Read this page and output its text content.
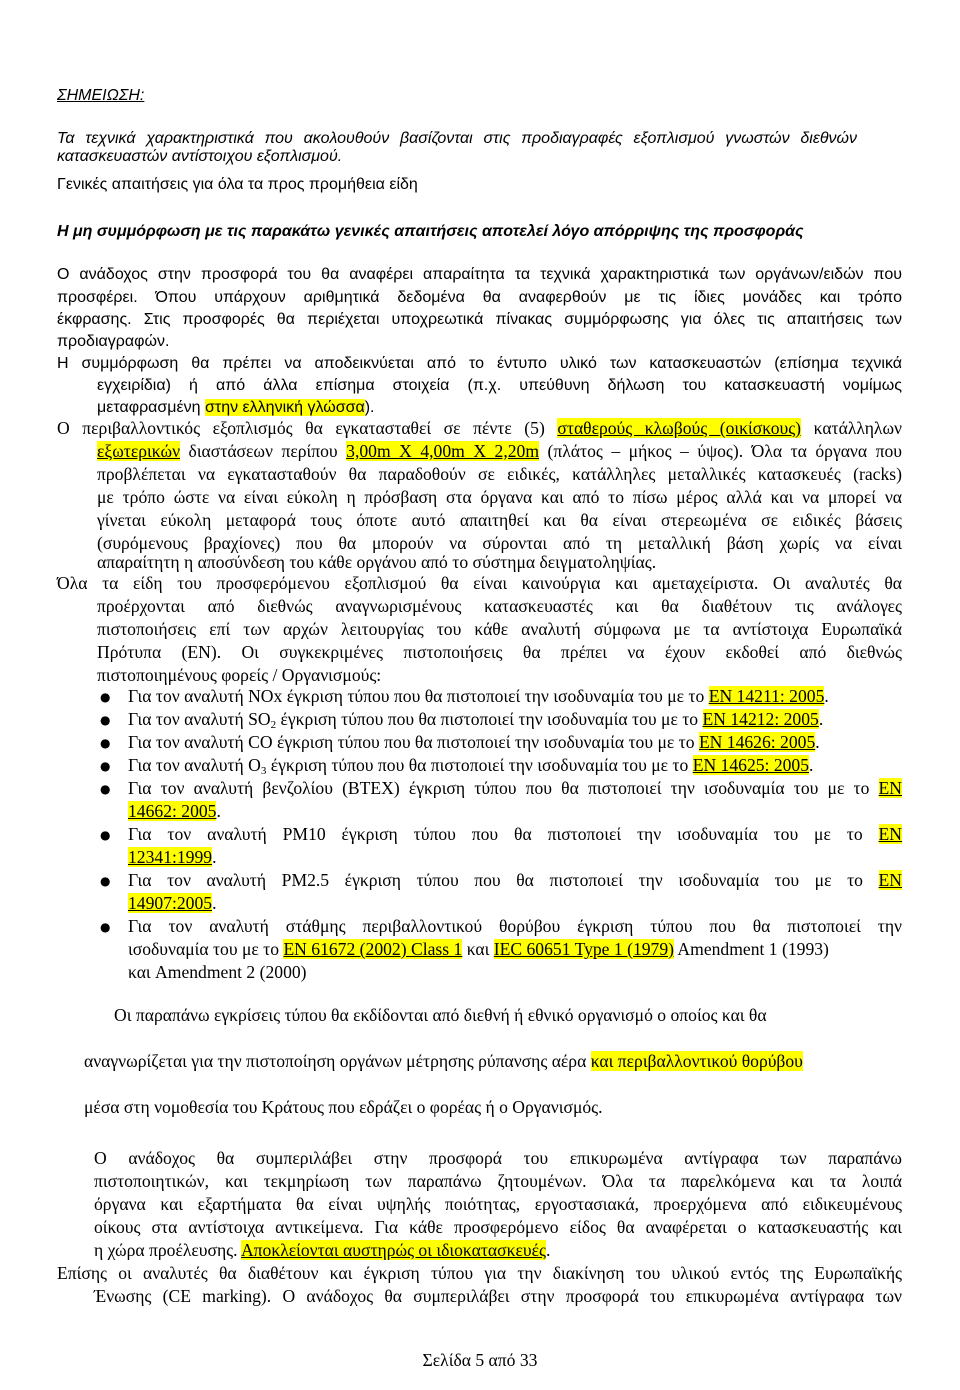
ΣΗΜΕΙΩΣΗ:
Τα τεχνικά χαρακτηριστικά που ακολουθούν βασίζονται στις προδιαγραφές εξοπλισμού γνωστών διεθνών
κατασκευαστών αντίστοιχου εξοπλισμού.
Γενικές απαιτήσεις για όλα τα προς προμήθεια είδη
Η μη συμμόρφωση με τις παρακάτω γενικές απαιτήσεις αποτελεί λόγο απόρριψης της προσφοράς
Ο ανάδοχος στην προσφορά του θα αναφέρει απαραίτητα τα τεχνικά χαρακτηριστικά των οργάνων/ειδών που
προσφέρει. Όπου υπάρχουν αριθμητικά δεδομένα θα αναφερθούν με τις ίδιες μονάδες και τρόπο
έκφρασης. Στις προσφορές θα περιέχεται υποχρεωτικά πίνακας συμμόρφωσης για όλες τις απαιτήσεις των
προδιαγραφών.
Η συμμόρφωση θα πρέπει να αποδεικνύεται από το έντυπο υλικό των κατασκευαστών (επίσημα τεχνικά
εγχειρίδια) ή από άλλα επίσημα στοιχεία (π.χ. υπεύθυνη δήλωση του κατασκευαστή νομίμως
μεταφρασμένη στην ελληνική γλώσσα).
Ο περιβαλλοντικός εξοπλισμός θα εγκατασταθεί σε πέντε (5) σταθερούς κλωβούς (οικίσκους) κατάλληλων
εξωτερικών διαστάσεων περίπου 3,00m X 4,00m X 2,20m (πλάτος – μήκος – ύψος). Όλα τα όργανα που
προβλέπεται να εγκατασταθούν θα παραδοθούν σε ειδικές, κατάλληλες μεταλλικές κατασκευές (racks)
με τρόπο ώστε να είναι εύκολη η πρόσβαση στα όργανα και από το πίσω μέρος αλλά και να μπορεί να
γίνεται εύκολη μεταφορά τους όποτε αυτό απαιτηθεί και θα είναι στερεωμένα σε ειδικές βάσεις
(συρόμενους βραχίονες) που θα μπορούν να σύρονται από τη μεταλλική βάση χωρίς να είναι
απαραίτητη η αποσύνδεση του κάθε οργάνου από το σύστημα δειγματοληψίας.
Όλα τα είδη του προσφερόμενου εξοπλισμού θα είναι καινούργια και αμεταχείριστα. Οι αναλυτές θα
προέρχονται από διεθνώς αναγνωρισμένους κατασκευαστές και θα διαθέτουν τις ανάλογες
πιστοποιήσεις επί των αρχών λειτουργίας του κάθε αναλυτή σύμφωνα με τα αντίστοιχα Ευρωπαϊκά
Πρότυπα (ΕΝ). Οι συγκεκριμένες πιστοποιήσεις θα πρέπει να έχουν εκδοθεί από διεθνώς
πιστοποιημένους φορείς / Οργανισμούς:
● Για τον αναλυτή NOx έγκριση τύπου που θα πιστοποιεί την ισοδυναμία του με το EN 14211: 2005.
● Για τον αναλυτή $SO_2$ έγκριση τύπου που θα πιστοποιεί την ισοδυναμία του με το EN 14212: 2005.
● Για τον αναλυτή CO έγκριση τύπου που θα πιστοποιεί την ισοδυναμία του με το EN 14626: 2005.
● Για τον αναλυτή $O_3$ έγκριση τύπου που θα πιστοποιεί την ισοδυναμία του με το EN 14625: 2005.
● Για τον αναλυτή βενζολίου (BTEX) έγκριση τύπου που θα πιστοποιεί την ισοδυναμία του με το EN
14662: 2005.
● Για τον αναλυτή PM10 έγκριση τύπου που θα πιστοποιεί την ισοδυναμία του με το EN
12341:1999.
● Για τον αναλυτή PM2.5 έγκριση τύπου που θα πιστοποιεί την ισοδυναμία του με το EN
14907:2005.
● Για τον αναλυτή στάθμης περιβαλλοντικού θορύβου έγκριση τύπου που θα πιστοποιεί την
ισοδυναμία του με το EN 61672 (2002) Class 1 και IEC 60651 Type 1 (1979) Amendment 1 (1993)
και Amendment 2 (2000)
Οι παραπάνω εγκρίσεις τύπου θα εκδίδονται από διεθνή ή εθνικό οργανισμό ο οποίος και θα
αναγνωρίζεται για την πιστοποίηση οργάνων μέτρησης ρύπανσης αέρα και περιβαλλοντικού θορύβου
μέσα στη νομοθεσία του Κράτους που εδράζει ο φορέας ή ο Οργανισμός.
Ο ανάδοχος θα συμπεριλάβει στην προσφορά του επικυρωμένα αντίγραφα των παραπάνω
πιστοποιητικών, και τεκμηρίωση των παραπάνω ζητουμένων. Όλα τα παρελκόμενα και τα λοιπά
όργανα και εξαρτήματα θα είναι υψηλής ποιότητας, εργοστασιακά, προερχόμενα από ειδικευμένους
οίκους στα αντίστοιχα αντικείμενα. Για κάθε προσφερόμενο είδος θα αναφέρεται ο κατασκευαστής και
η χώρα προέλευσης. Αποκλείονται αυστηρώς οι ιδιοκατασκευές.
Επίσης οι αναλυτές θα διαθέτουν και έγκριση τύπου για την διακίνηση του υλικού εντός της Ευρωπαϊκής
Ένωσης (CE marking). Ο ανάδοχος θα συμπεριλάβει στην προσφορά του επικυρωμένα αντίγραφα των
Σελίδα 5 από 33
